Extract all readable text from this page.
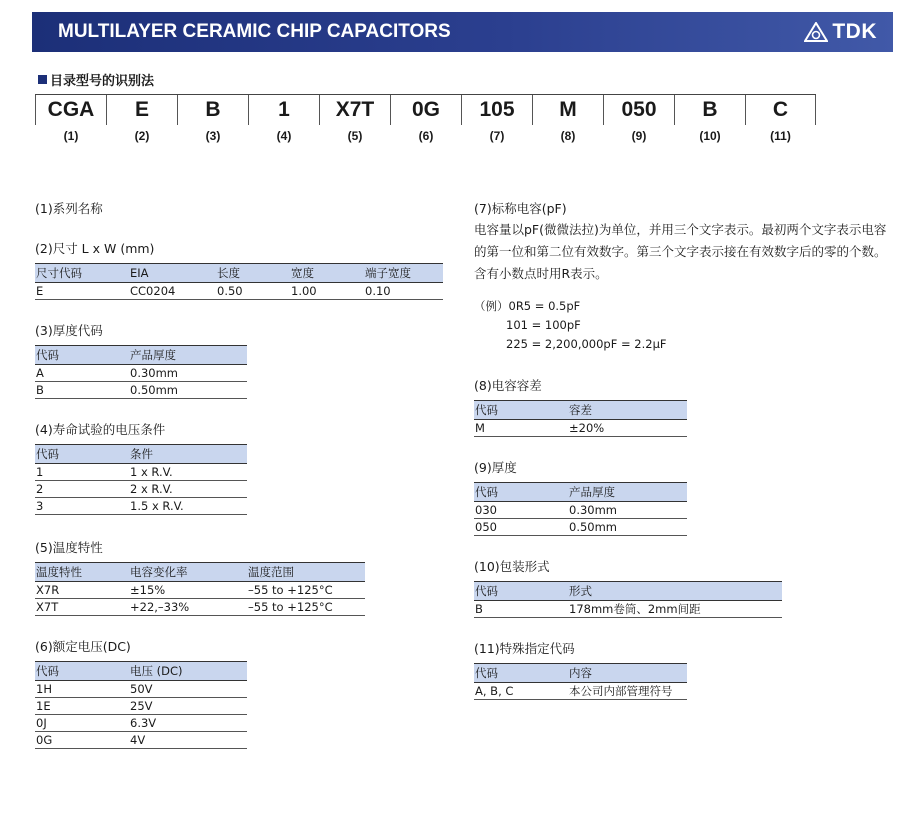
MULTILAYER CERAMIC CHIP CAPACITORS	TDK
目录型号的识别法
CGA
(1)
E
(2)
B
(3)
1
(4)
X7T
(5)
0G
(6)
105
(7)
M
(8)
050
(9)
B
(10)
C
(11)
(1)系列名称
(2)尺寸 L x W (mm)
尺寸代码	EIA	长度	宽度	端子宽度
E	CC0204	0.50	1.00	0.10
(3)厚度代码
代码	产品厚度
A	0.30mm
B	0.50mm
(4)寿命试验的电压条件
代码	条件
1	1 x R.V.
2	2 x R.V.
3	1.5 x R.V.
(5)温度特性
温度特性	电容变化率	温度范围
X7R	±15%	–55 to +125°C
X7T	+22,–33%	–55 to +125°C
(6)额定电压(DC)
代码	电压 (DC)
1H	50V
1E	25V
0J	6.3V
0G	4V
(7)标称电容(pF)
电容量以pF(微微法拉)为单位，并用三个文字表示。最初两个文字表示电容的第一位和第二位有效数字。第三个文字表示接在有效数字后的零的个数。含有小数点时用R表示。
（例）0R5 = 0.5pF
101 = 100pF
225 = 2,200,000pF = 2.2μF
(8)电容容差
代码	容差
M	±20%
(9)厚度
代码	产品厚度
030	0.30mm
050	0.50mm
(10)包装形式
代码	形式
B	178mm卷筒、2mm间距
(11)特殊指定代码
代码	内容
A, B, C	本公司内部管理符号
